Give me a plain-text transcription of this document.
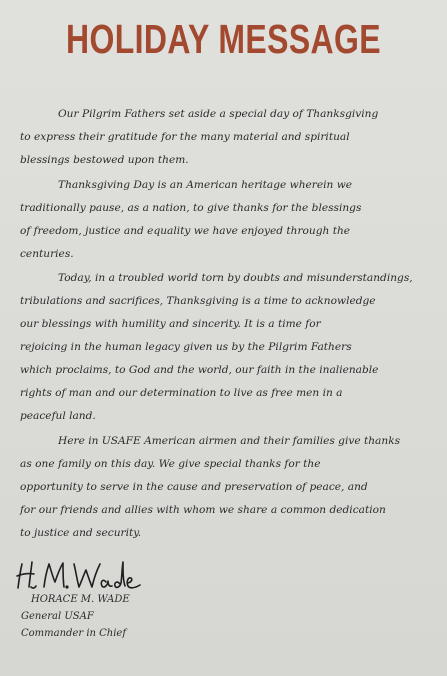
HOLIDAY MESSAGE
Our Pilgrim Fathers set aside a special day of Thanksgiving
to express their gratitude for the many material and spiritual
blessings bestowed upon them.
Thanksgiving Day is an American heritage wherein we
traditionally pause, as a nation, to give thanks for the blessings
of freedom, justice and equality we have enjoyed through the
centuries.
Today, in a troubled world torn by doubts and misunderstandings,
tribulations and sacrifices, Thanksgiving is a time to acknowledge
our blessings with humility and sincerity. It is a time for
rejoicing in the human legacy given us by the Pilgrim Fathers
which proclaims, to God and the world, our faith in the inalienable
rights of man and our determination to live as free men in a
peaceful land.
Here in USAFE American airmen and their families give thanks
as one family on this day. We give special thanks for the
opportunity to serve in the cause and preservation of peace, and
for our friends and allies with whom we share a common dedication
to justice and security.
HORACE M. WADE
General USAF
Commander in Chief
